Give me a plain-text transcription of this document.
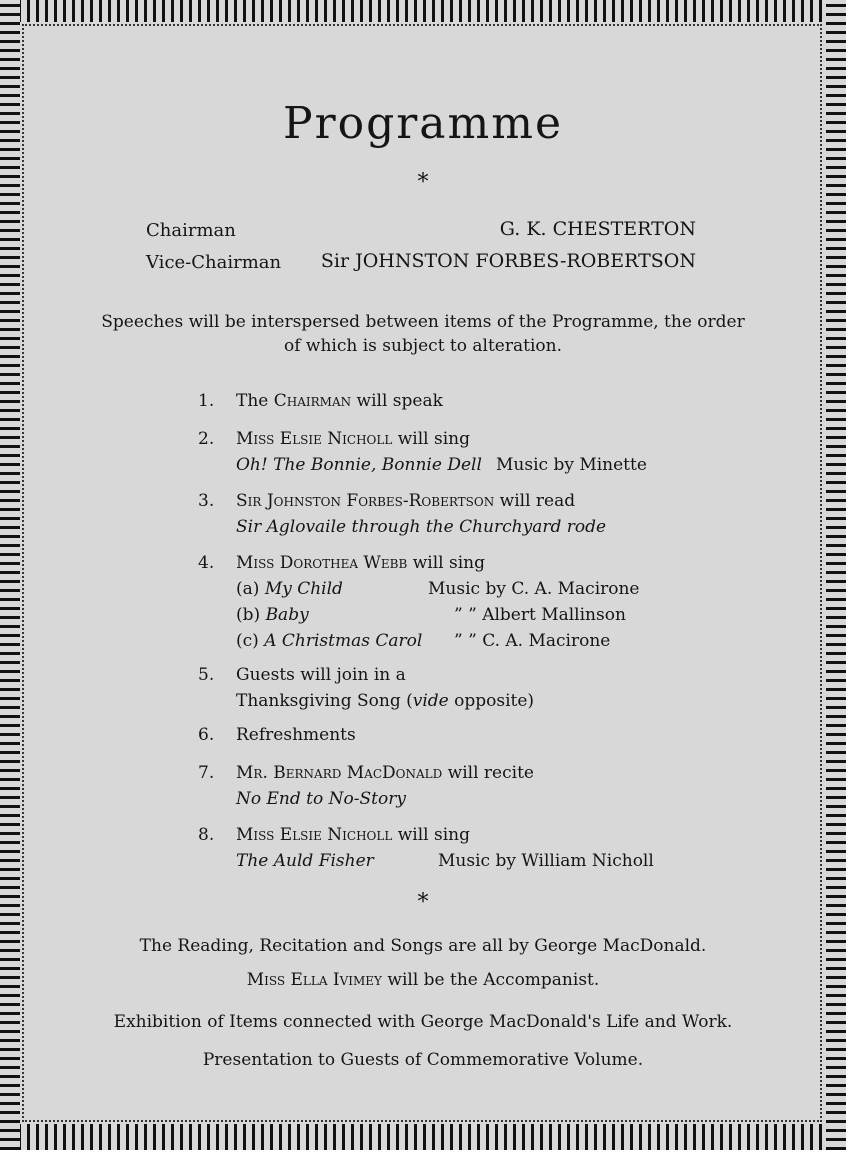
Programme
*
Chairman	G. K. CHESTERTON
Vice-Chairman Sir JOHNSTON FORBES-ROBERTSON
Speeches will be interspersed between items of the Programme, the order of which is subject to alteration.
1. The Chairman will speak
2. Miss Elsie Nicholl will sing
Oh! The Bonnie, Bonnie Dell Music by Minette
3. Sir Johnston Forbes-Robertson will read
Sir Aglovaile through the Churchyard rode
4. Miss Dorothea Webb will sing
(a) My Child	Music by C. A. Macirone
(b) Baby	” ” Albert Mallinson
(c) A Christmas Carol ” ” C. A. Macirone
5. Guests will join in a
Thanksgiving Song (vide opposite)
6. Refreshments
7. Mr. Bernard MacDonald will recite
No End to No-Story
8. Miss Elsie Nicholl will sing
The Auld Fisher	Music by William Nicholl
*
The Reading, Recitation and Songs are all by George MacDonald.
Miss Ella Ivimey will be the Accompanist.
Exhibition of Items connected with George MacDonald's Life and Work.
Presentation to Guests of Commemorative Volume.
